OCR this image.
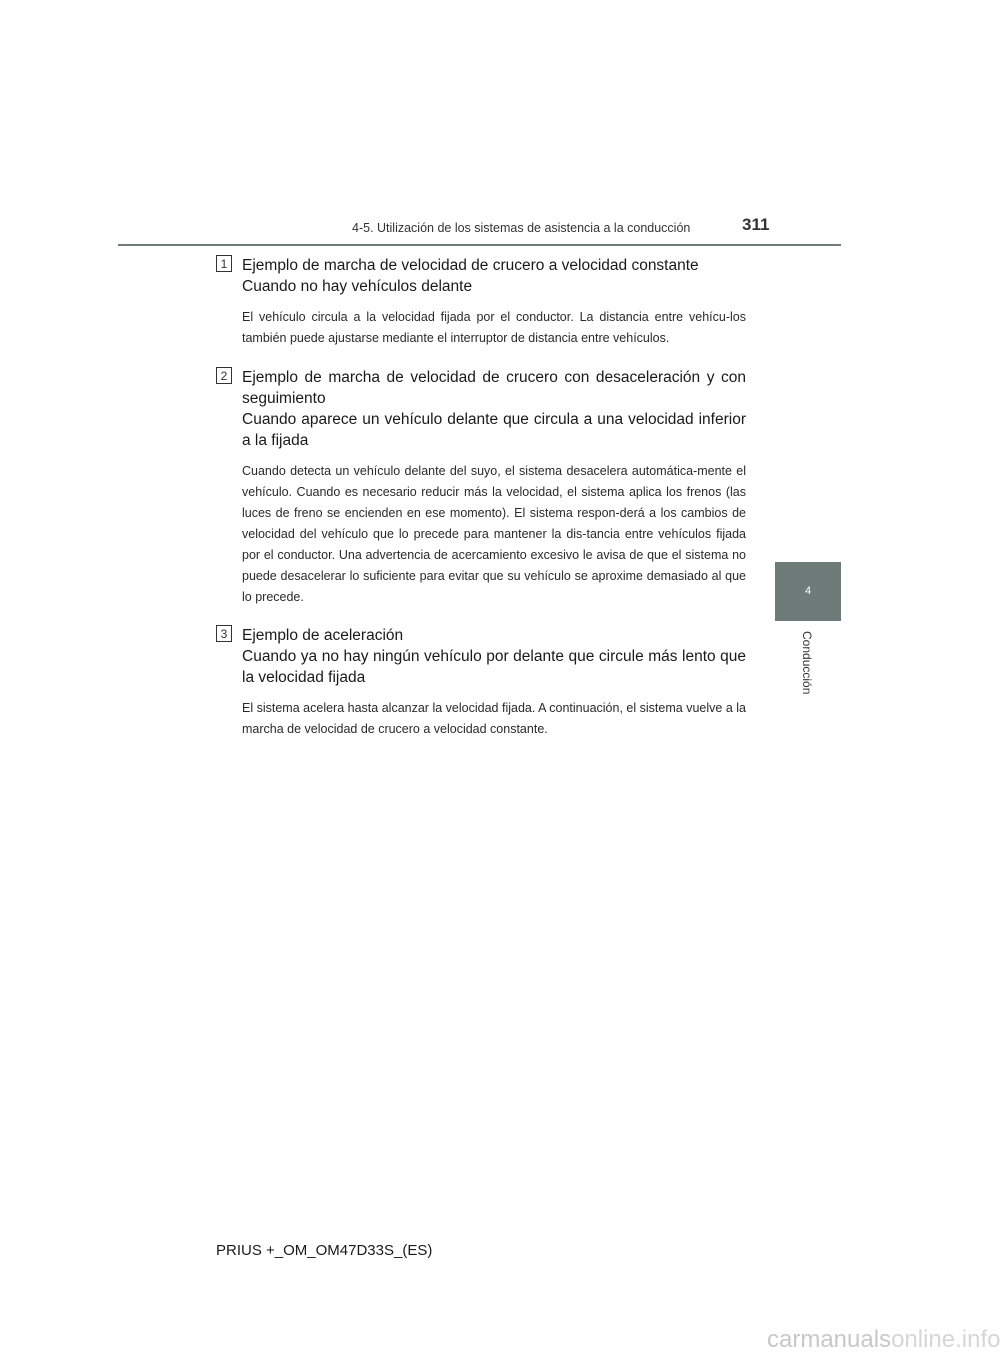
4-5. Utilización de los sistemas de asistencia a la conducción	311
4
Conducción
1 Ejemplo de marcha de velocidad de crucero a velocidad constante
Cuando no hay vehículos delante

El vehículo circula a la velocidad fijada por el conductor. La distancia entre vehícu-los también puede ajustarse mediante el interruptor de distancia entre vehículos.

2 Ejemplo de marcha de velocidad de crucero con desaceleración y con seguimiento
Cuando aparece un vehículo delante que circula a una velocidad inferior a la fijada

Cuando detecta un vehículo delante del suyo, el sistema desacelera automática-mente el vehículo. Cuando es necesario reducir más la velocidad, el sistema aplica los frenos (las luces de freno se encienden en ese momento). El sistema respon-derá a los cambios de velocidad del vehículo que lo precede para mantener la dis-tancia entre vehículos fijada por el conductor. Una advertencia de acercamiento excesivo le avisa de que el sistema no puede desacelerar lo suficiente para evitar que su vehículo se aproxime demasiado al que lo precede.

3 Ejemplo de aceleración
Cuando ya no hay ningún vehículo por delante que circule más lento que la velocidad fijada

El sistema acelera hasta alcanzar la velocidad fijada. A continuación, el sistema vuelve a la marcha de velocidad de crucero a velocidad constante.

PRIUS +_OM_OM47D33S_(ES)
carmanualsonline.info
